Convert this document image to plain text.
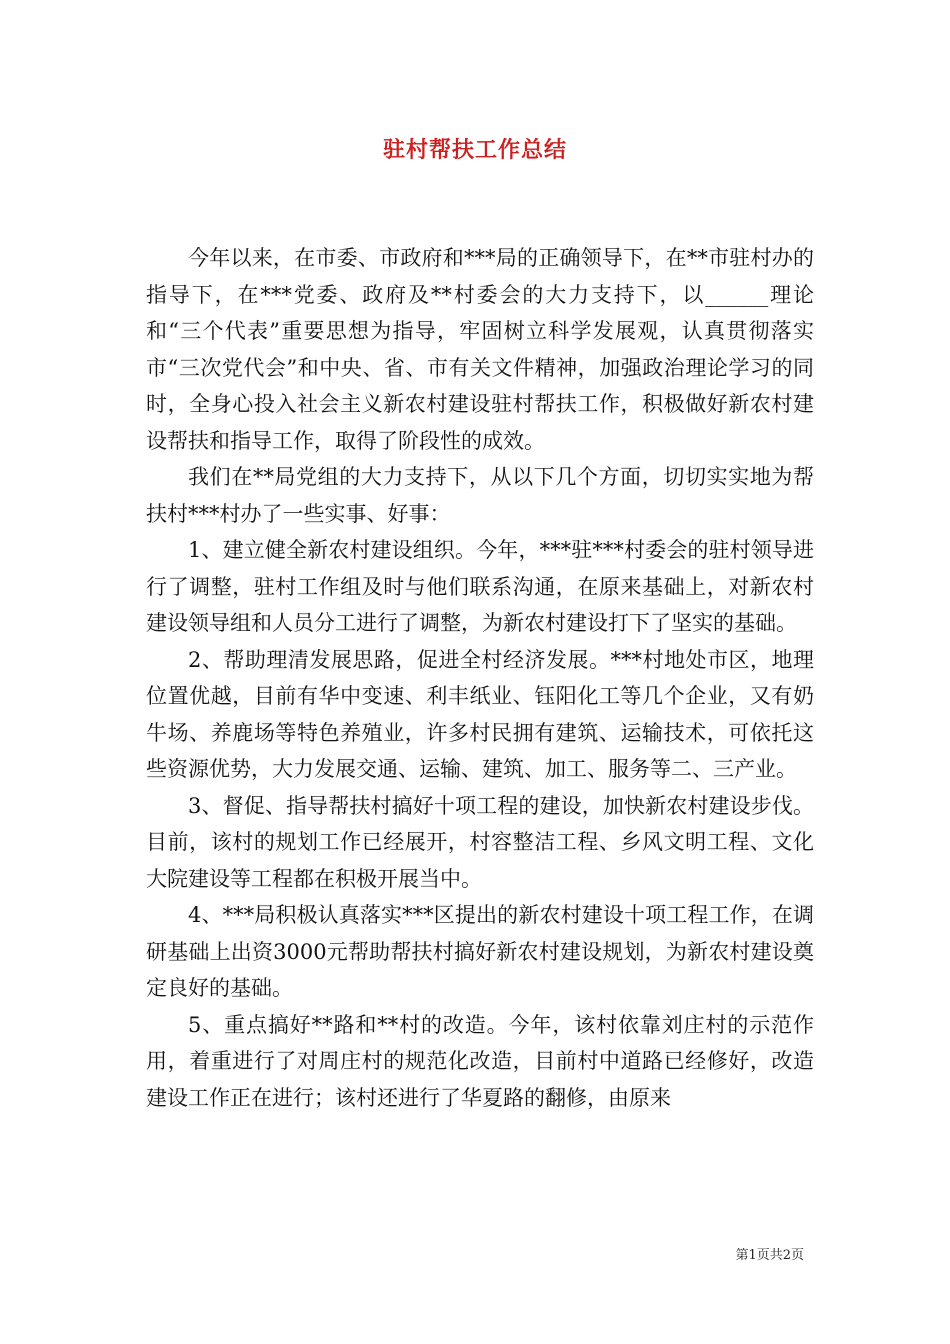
驻村帮扶工作总结

今年以来，在市委、市政府和***局的正确领导下，在**市驻村办的指导下，在***党委、政府及**村委会的大力支持下，以______理论和“三个代表”重要思想为指导，牢固树立科学发展观，认真贯彻落实市“三次党代会”和中央、省、市有关文件精神，加强政治理论学习的同时，全身心投入社会主义新农村建设驻村帮扶工作，积极做好新农村建设帮扶和指导工作，取得了阶段性的成效。

我们在**局党组的大力支持下，从以下几个方面，切切实实地为帮扶村***村办了一些实事、好事：

1、建立健全新农村建设组织。今年，***驻***村委会的驻村领导进行了调整，驻村工作组及时与他们联系沟通，在原来基础上，对新农村建设领导组和人员分工进行了调整，为新农村建设打下了坚实的基础。

2、帮助理清发展思路，促进全村经济发展。***村地处市区，地理位置优越，目前有华中变速、利丰纸业、钰阳化工等几个企业，又有奶牛场、养鹿场等特色养殖业，许多村民拥有建筑、运输技术，可依托这些资源优势，大力发展交通、运输、建筑、加工、服务等二、三产业。

3、督促、指导帮扶村搞好十项工程的建设，加快新农村建设步伐。目前，该村的规划工作已经展开，村容整洁工程、乡风文明工程、文化大院建设等工程都在积极开展当中。

4、***局积极认真落实***区提出的新农村建设十项工程工作，在调研基础上出资3000元帮助帮扶村搞好新农村建设规划，为新农村建设奠定良好的基础。

5、重点搞好**路和**村的改造。今年，该村依靠刘庄村的示范作用，着重进行了对周庄村的规范化改造，目前村中道路已经修好，改造建设工作正在进行；该村还进行了华夏路的翻修，由原来

第1页共2页
